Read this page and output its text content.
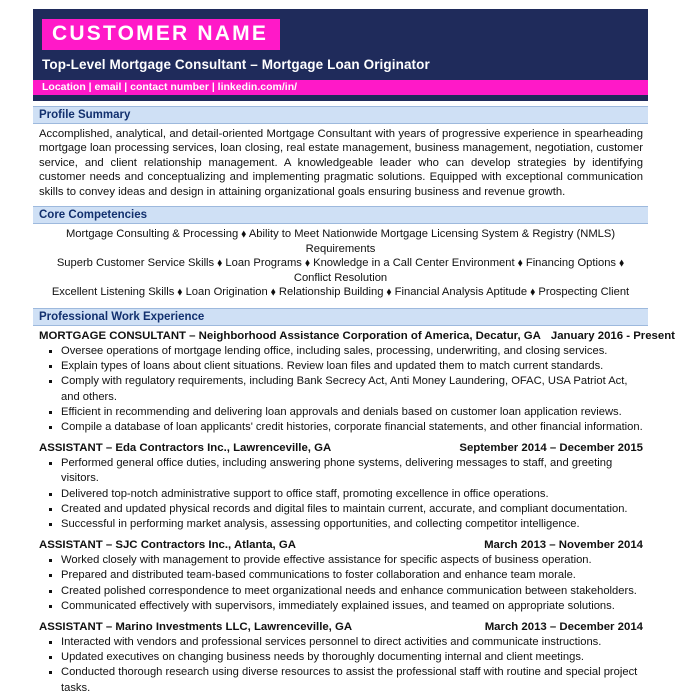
CUSTOMER NAME
Top-Level Mortgage Consultant – Mortgage Loan Originator
Location | email | contact number | linkedin.com/in/
Profile Summary
Accomplished, analytical, and detail-oriented Mortgage Consultant with years of progressive experience in spearheading mortgage loan processing services, loan closing, real estate management, business management, negotiation, customer service, and client relationship management. A knowledgeable leader who can develop strategies by identifying customer needs and conceptualizing and implementing pragmatic solutions. Equipped with exceptional communication skills to convey ideas and design in attaining organizational goals ensuring business and revenue growth.
Core Competencies
Mortgage Consulting & Processing ⬧ Ability to Meet Nationwide Mortgage Licensing System & Registry (NMLS) Requirements
Superb Customer Service Skills ⬧ Loan Programs ⬧ Knowledge in a Call Center Environment ⬧ Financing Options ⬧ Conflict Resolution
Excellent Listening Skills ⬧ Loan Origination ⬧ Relationship Building ⬧ Financial Analysis Aptitude ⬧ Prospecting Client
Professional Work Experience
MORTGAGE CONSULTANT – Neighborhood Assistance Corporation of America, Decatur, GA January 2016 - Present
Oversee operations of mortgage lending office, including sales, processing, underwriting, and closing services.
Explain types of loans about client situations. Review loan files and updated them to match current standards.
Comply with regulatory requirements, including Bank Secrecy Act, Anti Money Laundering, OFAC, USA Patriot Act, and others.
Efficient in recommending and delivering loan approvals and denials based on customer loan application reviews.
Compile a database of loan applicants' credit histories, corporate financial statements, and other financial information.
ASSISTANT – Eda Contractors Inc., Lawrenceville, GA	September 2014 – December 2015
Performed general office duties, including answering phone systems, delivering messages to staff, and greeting visitors.
Delivered top-notch administrative support to office staff, promoting excellence in office operations.
Created and updated physical records and digital files to maintain current, accurate, and compliant documentation.
Successful in performing market analysis, assessing opportunities, and collecting competitor intelligence.
ASSISTANT – SJC Contractors Inc., Atlanta, GA	March 2013 – November 2014
Worked closely with management to provide effective assistance for specific aspects of business operation.
Prepared and distributed team-based communications to foster collaboration and enhance team morale.
Created polished correspondence to meet organizational needs and enhance communication between stakeholders.
Communicated effectively with supervisors, immediately explained issues, and teamed on appropriate solutions.
ASSISTANT – Marino Investments LLC, Lawrenceville, GA	March 2013 – December 2014
Interacted with vendors and professional services personnel to direct activities and communicate instructions.
Updated executives on changing business needs by thoroughly documenting internal and client meetings.
Conducted thorough research using diverse resources to assist the professional staff with routine and special project tasks.
